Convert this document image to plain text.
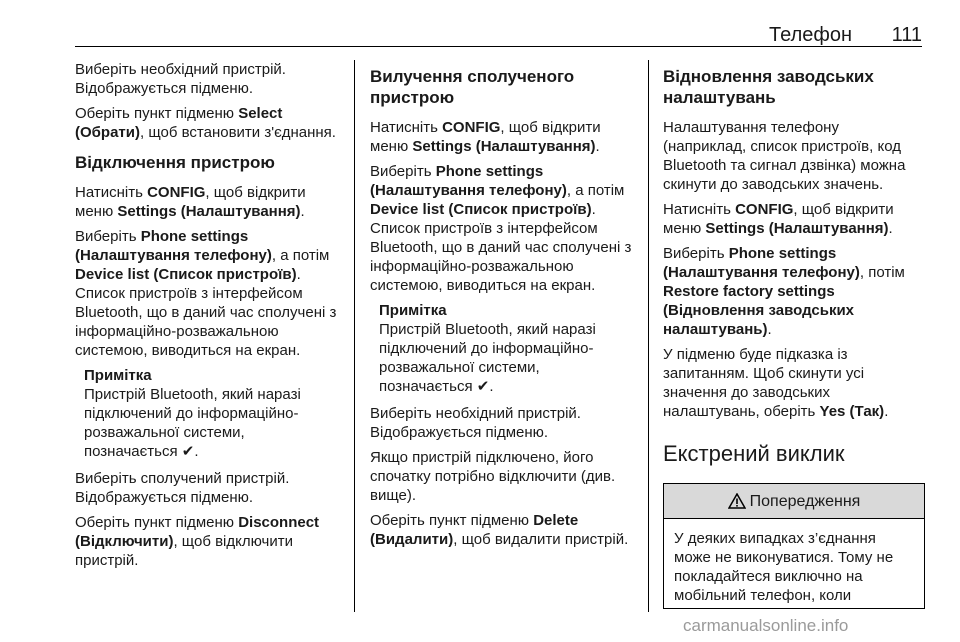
Телефон 111

Виберіть необхідний пристрій. Відображується підменю.

Оберіть пункт підменю Select (Обрати), щоб встановити з'єднання.

Відключення пристрою

Натисніть CONFIG, щоб відкрити меню Settings (Налаштування).

Виберіть Phone settings (Налаштування телефону), а потім Device list (Список пристроїв). Список пристроїв з інтерфейсом Bluetooth, що в даний час сполучені з інформаційно-розважальною системою, виводиться на екран.

Примітка
Пристрій Bluetooth, який наразі підключений до інформаційно-розважальної системи, позначається ✔.

Виберіть сполучений пристрій. Відображується підменю.

Оберіть пункт підменю Disconnect (Відключити), щоб відключити пристрій.

Вилучення сполученого пристрою

Натисніть CONFIG, щоб відкрити меню Settings (Налаштування).

Виберіть Phone settings (Налаштування телефону), а потім Device list (Список пристроїв). Список пристроїв з інтерфейсом Bluetooth, що в даний час сполучені з інформаційно-розважальною системою, виводиться на екран.

Примітка
Пристрій Bluetooth, який наразі підключений до інформаційно-розважальної системи, позначається ✔.

Виберіть необхідний пристрій. Відображується підменю.

Якщо пристрій підключено, його спочатку потрібно відключити (див. вище).

Оберіть пункт підменю Delete (Видалити), щоб видалити пристрій.

Відновлення заводських налаштувань

Налаштування телефону (наприклад, список пристроїв, код Bluetooth та сигнал дзвінка) можна скинути до заводських значень.

Натисніть CONFIG, щоб відкрити меню Settings (Налаштування).

Виберіть Phone settings (Налаштування телефону), потім Restore factory settings (Відновлення заводських налаштувань).

У підменю буде підказка із запитанням. Щоб скинути усі значення до заводських налаштувань, оберіть Yes (Так).

Екстрений виклик
Попередження
У деяких випадках з’єднання може не виконуватися. Тому не покладайтеся виключно на мобільний телефон, коли
carmanualsonline.info
